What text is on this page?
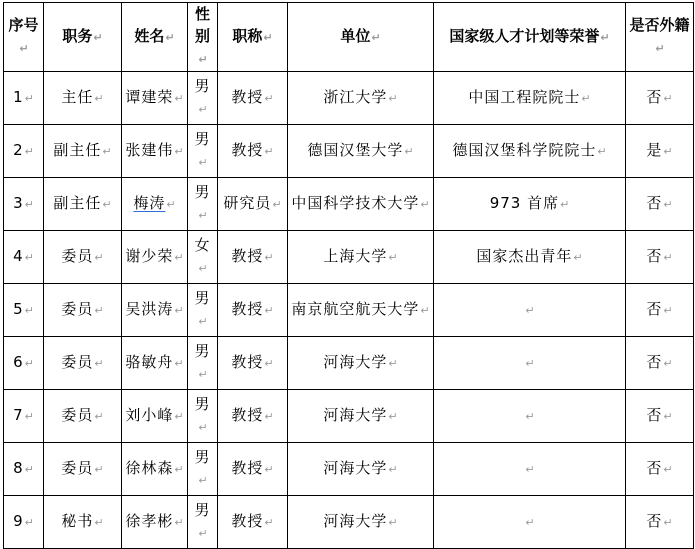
序号↵	职务↵	姓名↵	性别↵	职称↵	单位↵	国家级人才计划等荣誉↵	是否外籍↵
1↵	主任↵	谭建荣↵	男↵	教授↵	浙江大学↵	中国工程院院士↵	否↵
2↵	副主任↵	张建伟↵	男↵	教授↵	德国汉堡大学↵	德国汉堡科学院院士↵	是↵
3↵	副主任↵	梅涛↵	男↵	研究员↵	中国科学技术大学↵	973 首席↵	否↵
4↵	委员↵	谢少荣↵	女↵	教授↵	上海大学↵	国家杰出青年↵	否↵
5↵	委员↵	吴洪涛↵	男↵	教授↵	南京航空航天大学↵	↵	否↵
6↵	委员↵	骆敏舟↵	男↵	教授↵	河海大学↵	↵	否↵
7↵	委员↵	刘小峰↵	男↵	教授↵	河海大学↵	↵	否↵
8↵	委员↵	徐林森↵	男↵	教授↵	河海大学↵	↵	否↵
9↵	秘书↵	徐孝彬↵	男↵	教授↵	河海大学↵	↵	否↵
